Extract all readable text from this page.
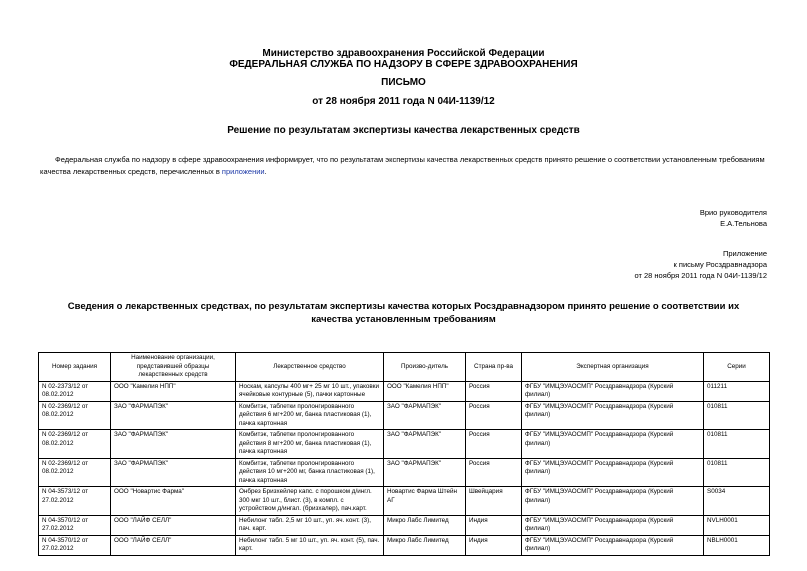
Министерство здравоохранения Российской Федерации
ФЕДЕРАЛЬНАЯ СЛУЖБА ПО НАДЗОРУ В СФЕРЕ ЗДРАВООХРАНЕНИЯ
ПИСЬМО
от 28 ноября 2011 года N 04И-1139/12
Решение по результатам экспертизы качества лекарственных средств
Федеральная служба по надзору в сфере здравоохранения информирует, что по результатам экспертизы качества лекарственных средств принято решение о соответствии установленным требованиям качества лекарственных средств, перечисленных в приложении.
Врио руководителя
Е.А.Тельнова
Приложение
к письму Росздравнадзора
от 28 ноября 2011 года N 04И-1139/12
Сведения о лекарственных средствах, по результатам экспертизы качества которых Росздравнадзором принято решение о соответствии их качества установленным требованиям
Номер задания	Наименование организации, представившей образцы лекарственных средств	Лекарственное средство	Произво-дитель	Страна пр-ва	Экспертная организация	Серии
N 02-2373/12 от 08.02.2012	ООО "Камелия НПП"	Носкам, капсулы 400 мг+ 25 мг 10 шт., упаковки ячейковые контурные (5), пачки картонные	ООО "Камелия НПП"	Россия	ФГБУ "ИМЦЭУАОСМП" Росздравнадзора (Курский филиал)	011211
N 02-2369/12 от 08.02.2012	ЗАО "ФАРМАПЭК"	Комбитэк, таблетки пролонгированного действия 6 мг+200 мг, банка пластиковая (1), пачка картонная	ЗАО "ФАРМАПЭК"	Россия	ФГБУ "ИМЦЭУАОСМП" Росздравнадзора (Курский филиал)	010811
N 02-2369/12 от 08.02.2012	ЗАО "ФАРМАПЭК"	Комбитэк, таблетки пролонгированного действия 8 мг+200 мг, банка пластиковая (1), пачка картонная	ЗАО "ФАРМАПЭК"	Россия	ФГБУ "ИМЦЭУАОСМП" Росздравнадзора (Курский филиал)	010811
N 02-2369/12 от 08.02.2012	ЗАО "ФАРМАПЭК"	Комбитэк, таблетки пролонгированного действия 10 мг+200 мг, банка пластиковая (1), пачка картонная	ЗАО "ФАРМАПЭК"	Россия	ФГБУ "ИМЦЭУАОСМП" Росздравнадзора (Курский филиал)	010811
N 04-3573/12 от 27.02.2012	ООО "Новартис Фарма"	Онбрез Бризхейлер капс. с порошком д/ингл. 300 мкг 10 шт., блист. (3), в компл. с устройством д/ингал. (бризхалер), пач.карт.	Новартис Фарма Штейн АГ	Швейцария	ФГБУ "ИМЦЭУАОСМП" Росздравнадзора (Курский филиал)	S0034
N 04-3570/12 от 27.02.2012	ООО "ЛАЙФ СЕЛЛ"	Небилонг табл. 2,5 мг 10 шт., уп. яч. конт. (3), пач. карт.	Микро Лабс Лимитед	Индия	ФГБУ "ИМЦЭУАОСМП" Росздравнадзора (Курский филиал)	NVLH0001
N 04-3570/12 от 27.02.2012	ООО "ЛАЙФ СЕЛЛ"	Небилонг табл. 5 мг 10 шт., уп. яч. конт. (5), пач. карт.	Микро Лабс Лимитед	Индия	ФГБУ "ИМЦЭУАОСМП" Росздравнадзора (Курский филиал)	NBLH0001
